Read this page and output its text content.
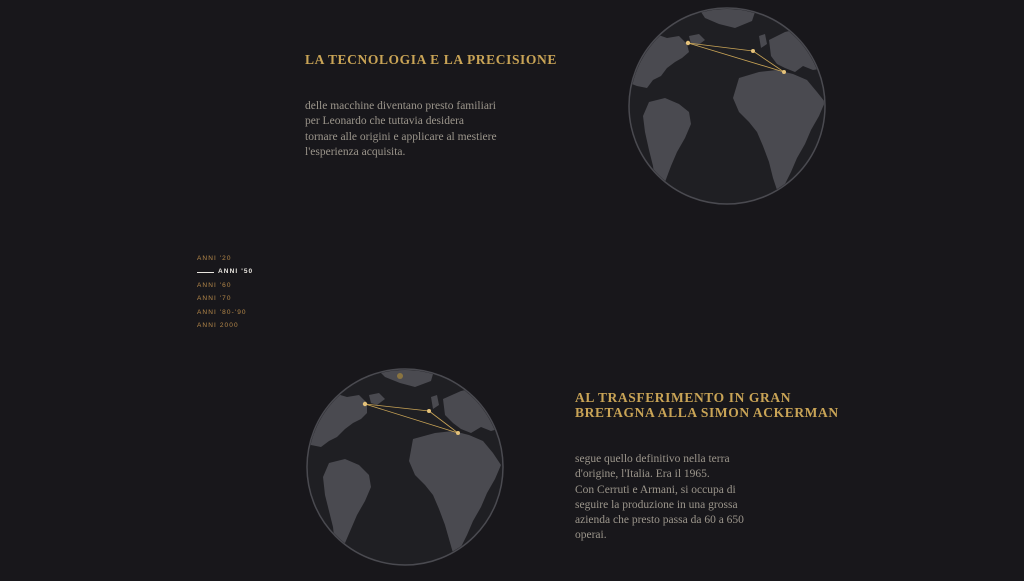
LA TECNOLOGIA E LA PRECISIONE
delle macchine diventano presto familiari
per Leonardo che tuttavia desidera
tornare alle origini e applicare al mestiere
l'esperienza acquisita.
ANNI '20
ANNI '50
ANNI '60
ANNI '70
ANNI '80-'90
ANNI 2000
AL TRASFERIMENTO IN GRAN
BRETAGNA ALLA SIMON ACKERMAN
segue quello definitivo nella terra
d'origine, l'Italia. Era il 1965.
Con Cerruti e Armani, si occupa di
seguire la produzione in una grossa
azienda che presto passa da 60 a 650
operai.
